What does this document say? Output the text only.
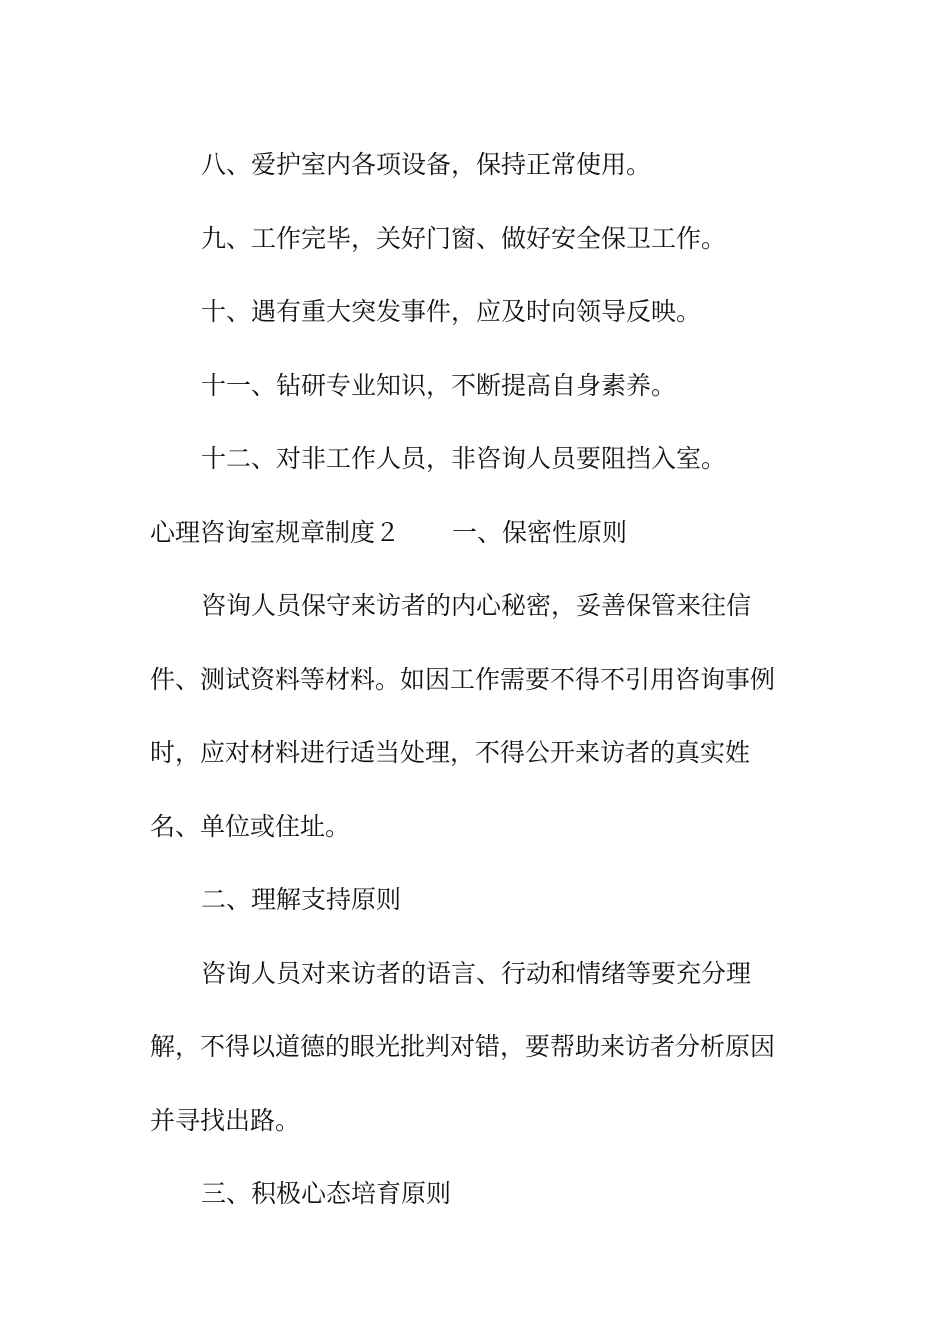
八、爱护室内各项设备，保持正常使用。

九、工作完毕，关好门窗、做好安全保卫工作。

十、遇有重大突发事件，应及时向领导反映。

十一、钻研专业知识，不断提高自身素养。

十二、对非工作人员，非咨询人员要阻挡入室。

心理咨询室规章制度２ 一、保密性原则

咨询人员保守来访者的内心秘密，妥善保管来往信件、测试资料等材料。如因工作需要不得不引用咨询事例时，应对材料进行适当处理，不得公开来访者的真实姓名、单位或住址。

二、理解支持原则

咨询人员对来访者的语言、行动和情绪等要充分理解，不得以道德的眼光批判对错，要帮助来访者分析原因并寻找出路。

三、积极心态培育原则
